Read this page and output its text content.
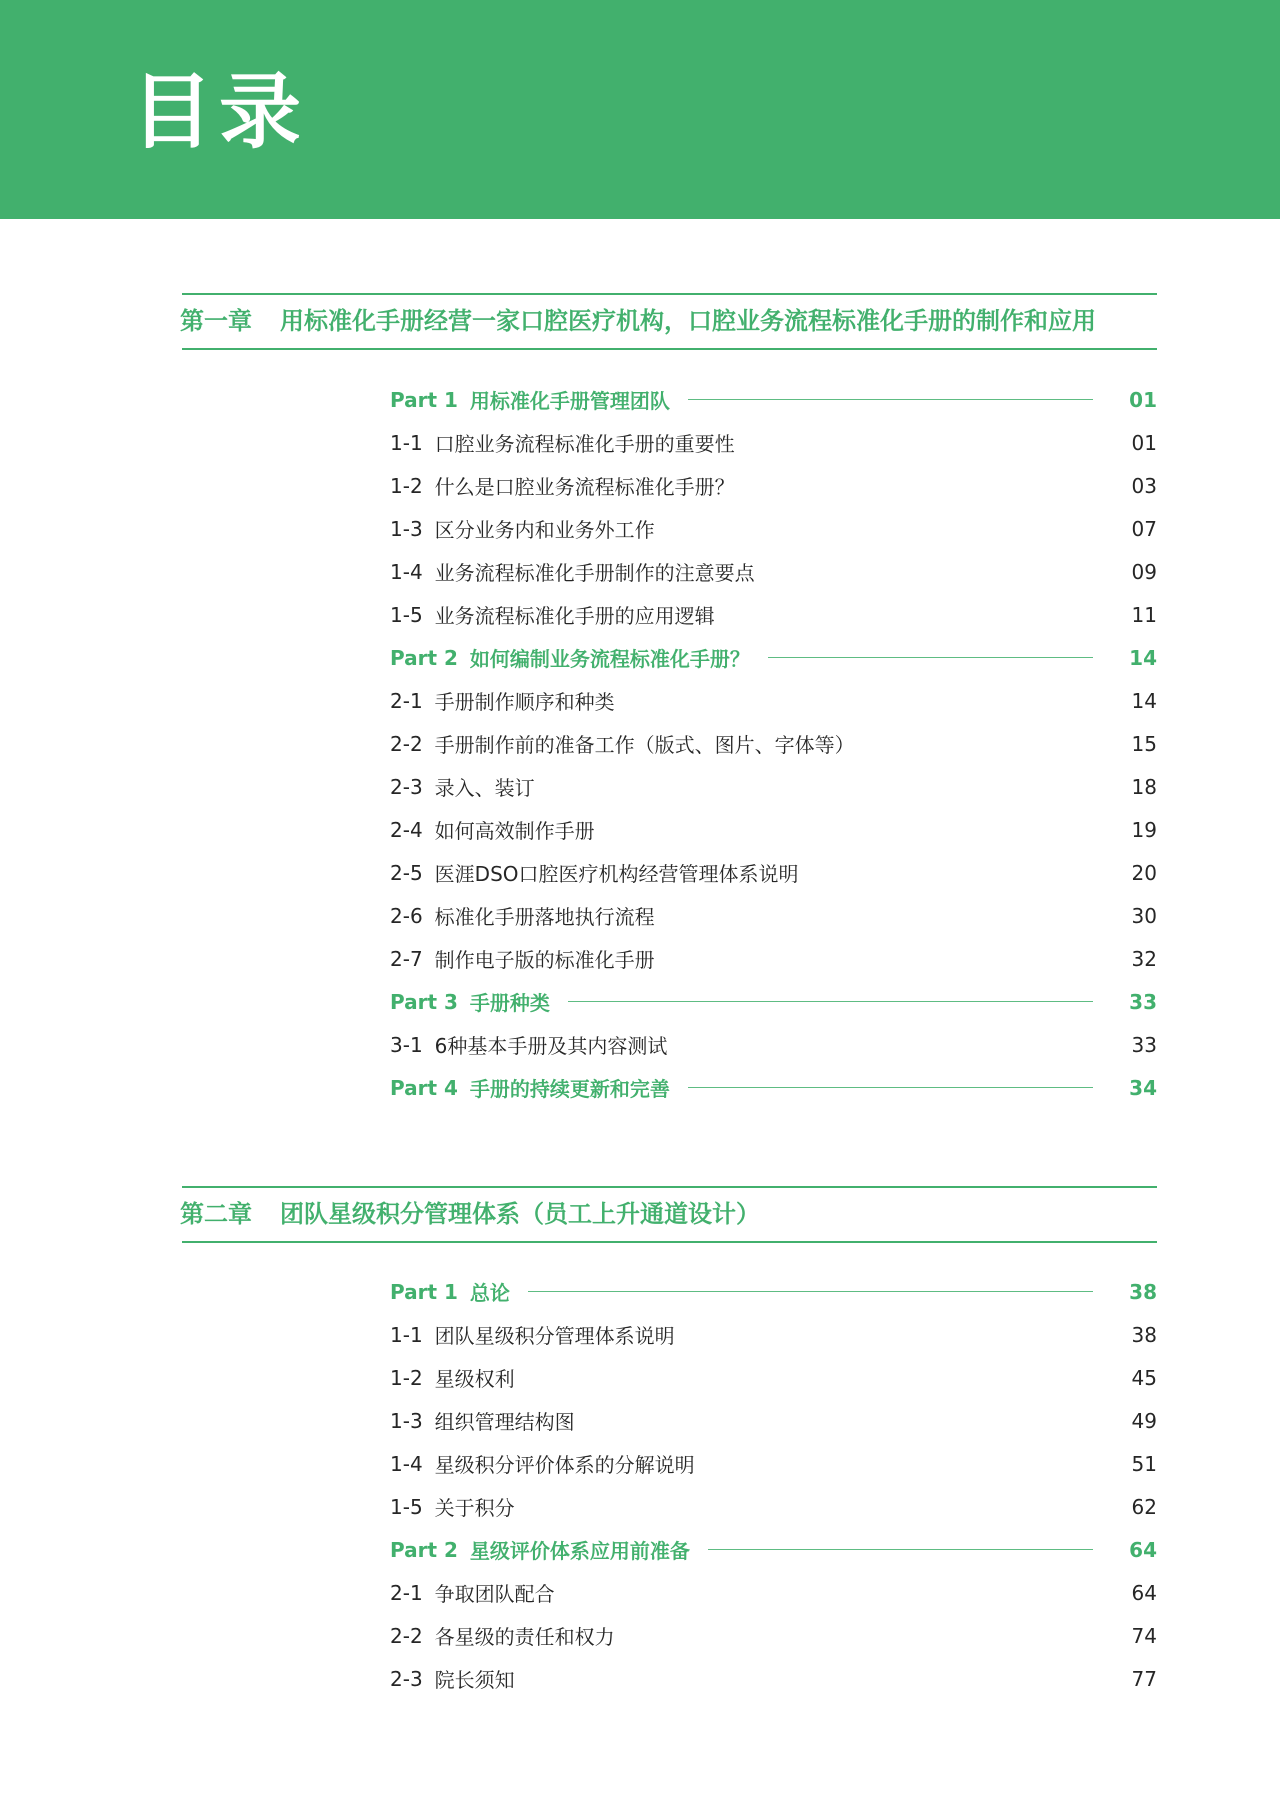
目录
第一章 用标准化手册经营一家口腔医疗机构，口腔业务流程标准化手册的制作和应用
Part 1 用标准化手册管理团队	01
1-1 口腔业务流程标准化手册的重要性	01
1-2 什么是口腔业务流程标准化手册？	03
1-3 区分业务内和业务外工作	07
1-4 业务流程标准化手册制作的注意要点	09
1-5 业务流程标准化手册的应用逻辑	11
Part 2 如何编制业务流程标准化手册？	14
2-1 手册制作顺序和种类	14
2-2 手册制作前的准备工作（版式、图片、字体等）	15
2-3 录入、装订	18
2-4 如何高效制作手册	19
2-5 医涯DSO口腔医疗机构经营管理体系说明	20
2-6 标准化手册落地执行流程	30
2-7 制作电子版的标准化手册	32
Part 3 手册种类	33
3-1 6种基本手册及其内容测试	33
Part 4 手册的持续更新和完善	34
第二章 团队星级积分管理体系（员工上升通道设计）
Part 1 总论	38
1-1 团队星级积分管理体系说明	38
1-2 星级权利	45
1-3 组织管理结构图	49
1-4 星级积分评价体系的分解说明	51
1-5 关于积分	62
Part 2 星级评价体系应用前准备	64
2-1 争取团队配合	64
2-2 各星级的责任和权力	74
2-3 院长须知	77
